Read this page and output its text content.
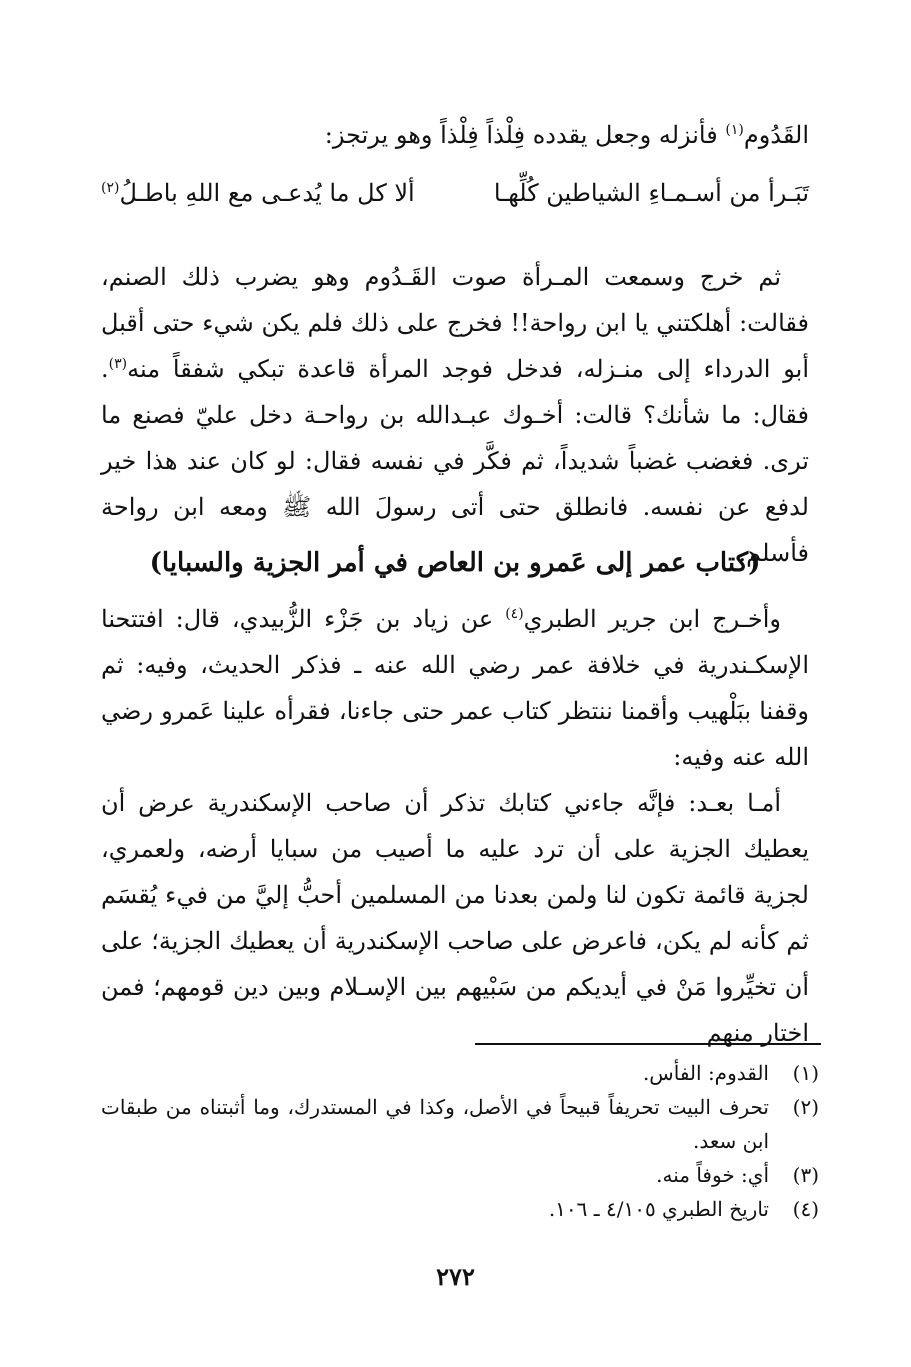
القَدُوم$^{(١)}$ فأنزله وجعل يقدده فِلْذاً فِلْذاً وهو يرتجز:
تَبَـرأ من أسـمـاءِ الشياطين كُلِّهـا
ألا كل ما يُدعـى مع اللهِ باطـلُ$^{(٢)}$
ثم خرج وسمعت المـرأة صوت القَـدُوم وهو يضرب ذلك الصنم، فقالت: أهلكتني يا ابن رواحة!! فخرج على ذلك فلم يكن شيء حتى أقبل أبو الدرداء إلى منـزله، فدخل فوجد المرأة قاعدة تبكي شفقاً منه$^{(٣)}$. فقال: ما شأنك؟ قالت: أخـوك عبـدالله بن رواحـة دخل عليّ فصنع ما ترى. فغضب غضباً شديداً، ثم فكَّر في نفسه فقال: لو كان عند هذا خير لدفع عن نفسه. فانطلق حتى أتى رسولَ الله ﷺ ومعه ابن رواحة فأسلم.
(كتاب عمر إلى عَمرو بن العاص في أمر الجزية والسبايا)
وأخـرج ابن جرير الطبري$^{(٤)}$ عن زياد بن جَزْء الزُّبيدي، قال: افتتحنا الإسكـندرية في خلافة عمر رضي الله عنه ـ فذكر الحديث، وفيه: ثم وقفنا ببَلْهيب وأقمنا ننتظر كتاب عمر حتى جاءنا، فقرأه علينا عَمرو رضي الله عنه وفيه:
أمـا بعـد: فإنَّه جاءني كتابك تذكر أن صاحب الإسكندرية عرض أن يعطيك الجزية على أن ترد عليه ما أصيب من سبايا أرضه، ولعمري، لجزية قائمة تكون لنا ولمن بعدنا من المسلمين أحبُّ إليَّ من فيء يُقسَم ثم كأنه لم يكن، فاعرض على صاحب الإسكندرية أن يعطيك الجزية؛ على أن تخيِّروا مَنْ في أيديكم من سَبْيهم بين الإسـلام وبين دين قومهم؛ فمن اختار منهم
(١)
القدوم: الفأس.
(٢)
تحرف البيت تحريفاً قبيحاً في الأصل، وكذا في المستدرك، وما أثبتناه من طبقات ابن سعد.
(٣)
أي: خوفاً منه.
(٤)
تاريخ الطبري ٤/١٠٥ ـ ١٠٦.
٢٧٢
